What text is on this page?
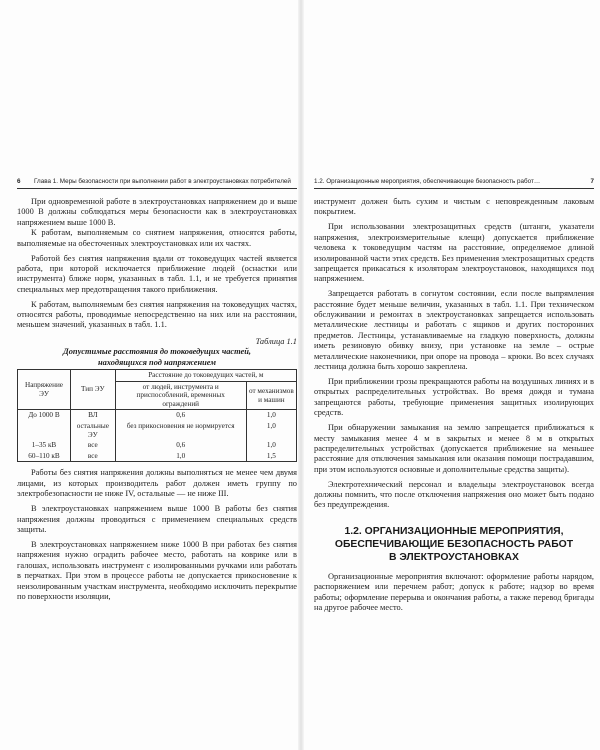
6 Глава 1. Меры безопасности при выполнении работ в электроустановках потребителей

При одновременной работе в электроустановках напряжением до и выше 1000 В должны соблюдаться меры безопасности как в электроустановках напряжением выше 1000 В.

К работам, выполняемым со снятием напряжения, относятся работы, выполняемые на обесточенных электроустановках или их частях.

Работой без снятия напряжения вдали от токоведущих частей является работа, при которой исключается приближение людей (оснастки или инструмента) ближе норм, указанных в табл. 1.1, и не требуется принятия специальных мер предотвращения такого приближения.

К работам, выполняемым без снятия напряжения на токоведущих частях, относятся работы, проводимые непосредственно на них или на расстоянии, меньшем значений, указанных в табл. 1.1.

Таблица 1.1
Допустимые расстояния до токоведущих частей,
находящихся под напряжением
Напряжение ЭУ	Тип ЭУ	Расстояние до токоведущих частей, м	
		от людей, инструмента и приспособлений, временных ограждений	от механизмов и машин
До 1000 В	ВЛ	0,6	1,0
	остальные ЭУ	без прикосновения не нормируется	1,0
1–35 кВ	все	0,6	1,0
60–110 кВ	все	1,0	1,5

Работы без снятия напряжения должны выполняться не менее чем двумя лицами, из которых производитель работ должен иметь группу по электробезопасности не ниже IV, остальные — не ниже III.

В электроустановках напряжением выше 1000 В работы без снятия напряжения должны проводиться с применением специальных средств защиты.

В электроустановках напряжением ниже 1000 В при работах без снятия напряжения нужно оградить рабочее место, работать на коврике или в галошах, использовать инструмент с изолированными ручками или работать в перчатках. При этом в процессе работы не допускается прикосновение к неизолированным участкам инструмента, необходимо исключить перекрытие по поверхности изоляции,

1.2. Организационные мероприятия, обеспечивающие безопасность работ…	7

инструмент должен быть сухим и чистым с неповрежденным лаковым покрытием.

При использовании электрозащитных средств (штанги, указатели напряжения, электроизмерительные клещи) допускается приближение человека к токоведущим частям на расстояние, определяемое длиной изолированной части этих средств. Без применения электрозащитных средств запрещается прикасаться к изоляторам электроустановок, находящихся под напряжением.

Запрещается работать в согнутом состоянии, если после выпрямления расстояние будет меньше величин, указанных в табл. 1.1. При техническом обслуживании и ремонтах в электроустановках запрещается использовать металлические лестницы и работать с ящиков и других посторонних предметов. Лестницы, устанавливаемые на гладкую поверхность, должны иметь резиновую обивку внизу, при установке на земле – острые металлические наконечники, при опоре на провода – крюки. Во всех случаях лестница должна быть хорошо закреплена.

При приближении грозы прекращаются работы на воздушных линиях и в открытых распределительных устройствах. Во время дождя и тумана запрещаются работы, требующие применения защитных изолирующих средств.

При обнаружении замыкания на землю запрещается приближаться к месту замыкания менее 4 м в закрытых и менее 8 м в открытых распределительных устройствах (допускается приближение на меньшее расстояние для отключения замыкания или оказания помощи пострадавшим, при этом используются основные и дополнительные средства защиты).

Электротехнический персонал и владельцы электроустановок всегда должны помнить, что после отключения напряжения оно может быть подано без предупреждения.

1.2. ОРГАНИЗАЦИОННЫЕ МЕРОПРИЯТИЯ,
ОБЕСПЕЧИВАЮЩИЕ БЕЗОПАСНОСТЬ РАБОТ
В ЭЛЕКТРОУСТАНОВКАХ

Организационные мероприятия включают: оформление работы нарядом, распоряжением или перечнем работ; допуск к работе; надзор во время работы; оформление перерыва и окончания работы, а также перевод бригады на другое рабочее место.
